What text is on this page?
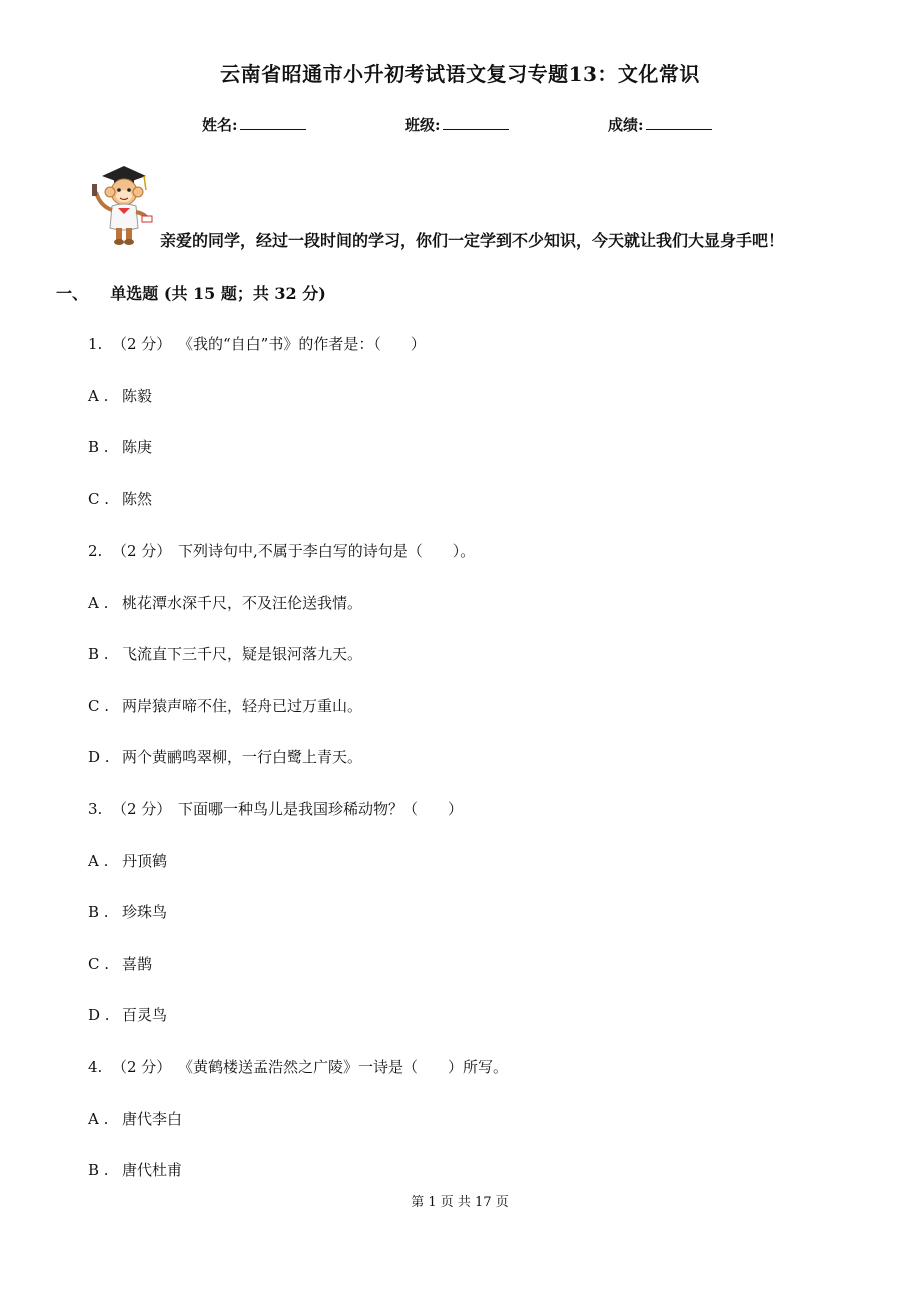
云南省昭通市小升初考试语文复习专题13：文化常识
姓名:	班级:	成绩:
亲爱的同学，经过一段时间的学习，你们一定学到不少知识，今天就让我们大显身手吧！
一、 单选题 (共 15 题；共 32 分)
1. （2 分） 《我的“自白”书》的作者是：（　　）
A . 陈毅
B . 陈庚
C . 陈然
2. （2 分） 下列诗句中,不属于李白写的诗句是（　　）。
A . 桃花潭水深千尺，不及汪伦送我情。
B . 飞流直下三千尺，疑是银河落九天。
C . 两岸猿声啼不住，轻舟已过万重山。
D . 两个黄鹂鸣翠柳，一行白鹭上青天。
3. （2 分） 下面哪一种鸟儿是我国珍稀动物？（　　）
A . 丹顶鹤
B . 珍珠鸟
C . 喜鹊
D . 百灵鸟
4. （2 分） 《黄鹤楼送孟浩然之广陵》一诗是（　　）所写。
A . 唐代李白
B . 唐代杜甫
第 1 页 共 17 页
